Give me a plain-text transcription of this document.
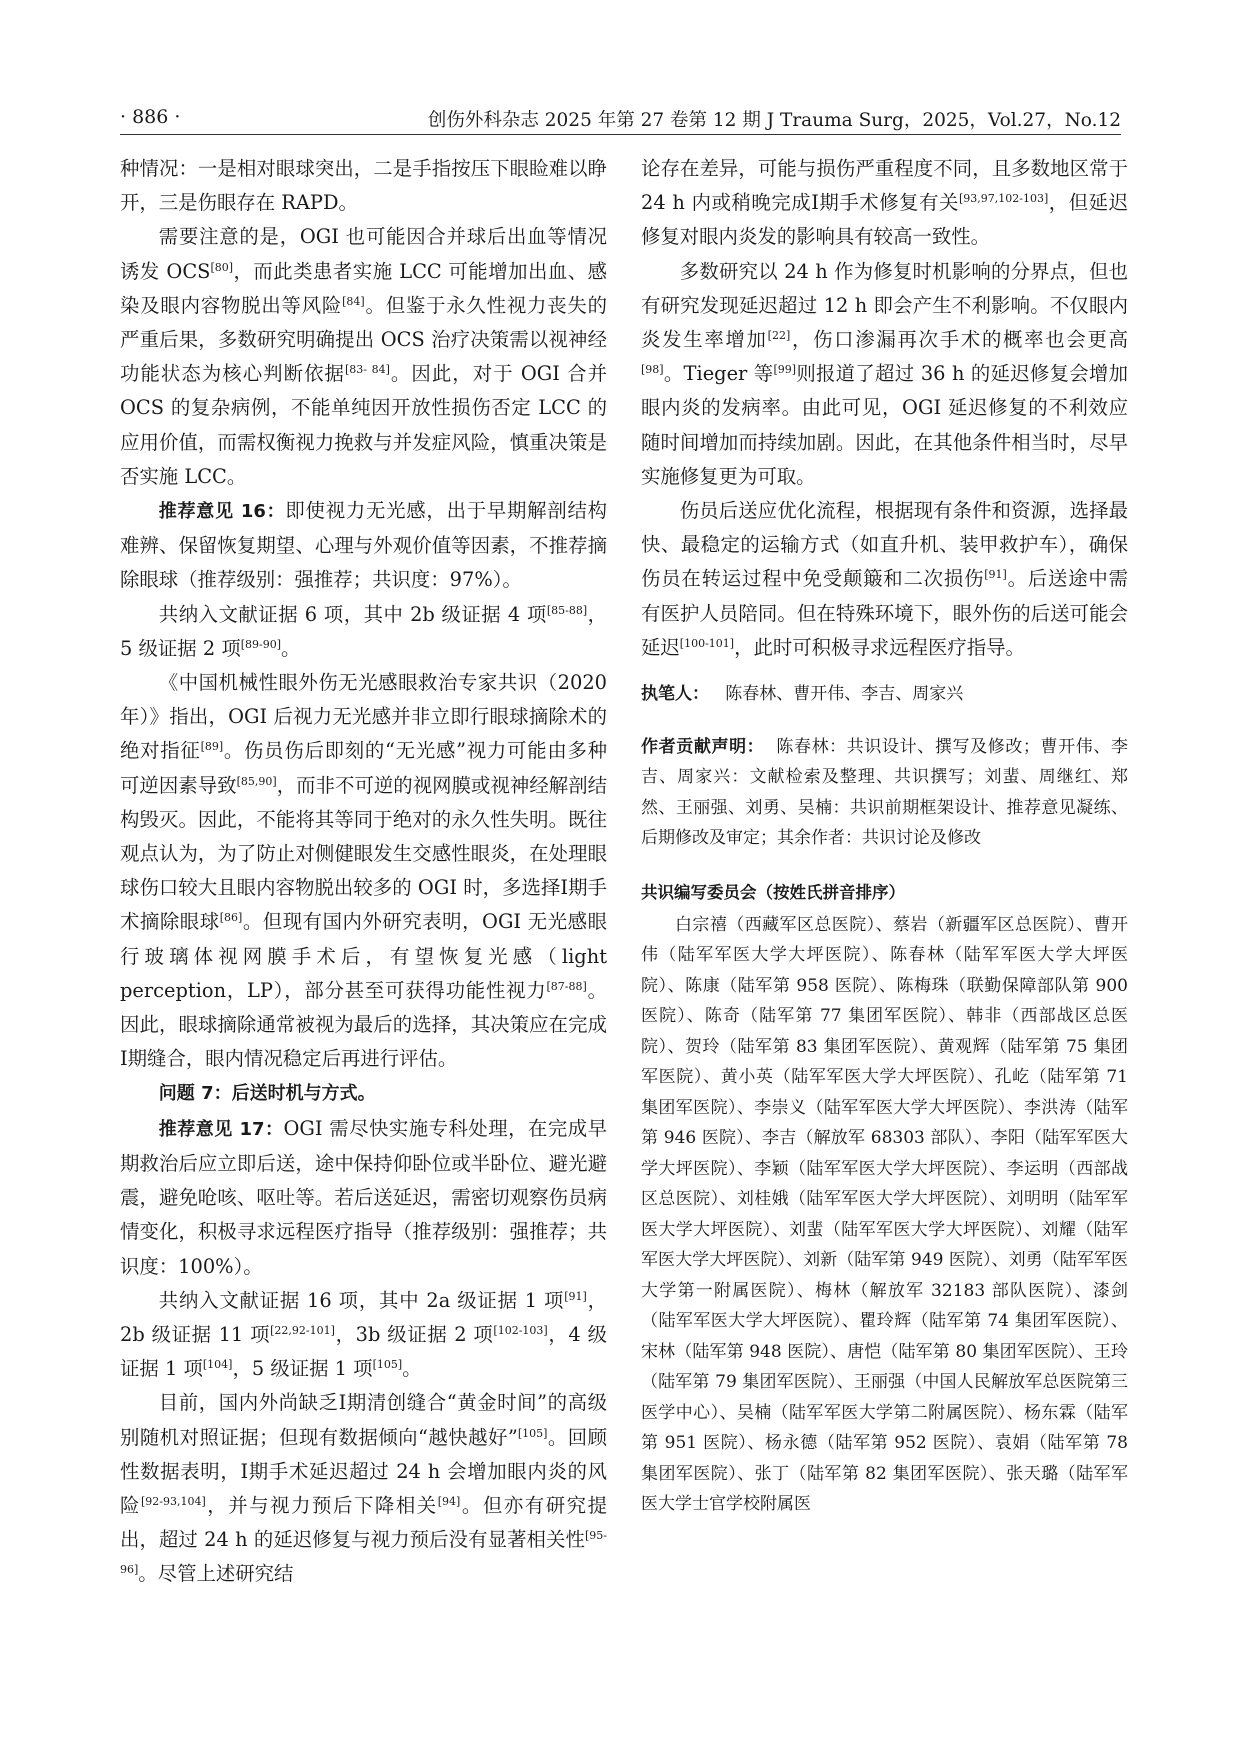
· 886 ·	创伤外科杂志 2025 年第 27 卷第 12 期 J Trauma Surg，2025，Vol.27，No.12

种情况：一是相对眼球突出，二是手指按压下眼睑难以睁开，三是伤眼存在 RAPD。

需要注意的是，OGI 也可能因合并球后出血等情况诱发 OCS[80]，而此类患者实施 LCC 可能增加出血、感染及眼内容物脱出等风险[84]。但鉴于永久性视力丧失的严重后果，多数研究明确提出 OCS 治疗决策需以视神经功能状态为核心判断依据[83- 84]。因此，对于 OGI 合并 OCS 的复杂病例，不能单纯因开放性损伤否定 LCC 的应用价值，而需权衡视力挽救与并发症风险，慎重决策是否实施 LCC。

推荐意见 16：即使视力无光感，出于早期解剖结构难辨、保留恢复期望、心理与外观价值等因素，不推荐摘除眼球（推荐级别：强推荐；共识度：97%）。

共纳入文献证据 6 项，其中 2b 级证据 4 项[85-88]，5 级证据 2 项[89-90]。

《中国机械性眼外伤无光感眼救治专家共识（2020 年）》指出，OGI 后视力无光感并非立即行眼球摘除术的绝对指征[89]。伤员伤后即刻的“无光感”视力可能由多种可逆因素导致[85,90]，而非不可逆的视网膜或视神经解剖结构毁灭。因此，不能将其等同于绝对的永久性失明。既往观点认为，为了防止对侧健眼发生交感性眼炎，在处理眼球伤口较大且眼内容物脱出较多的 OGI 时，多选择Ⅰ期手术摘除眼球[86]。但现有国内外研究表明，OGI 无光感眼行玻璃体视网膜手术后，有望恢复光感（light perception，LP），部分甚至可获得功能性视力[87-88]。因此，眼球摘除通常被视为最后的选择，其决策应在完成Ⅰ期缝合，眼内情况稳定后再进行评估。

问题 7：后送时机与方式。

推荐意见 17：OGI 需尽快实施专科处理，在完成早期救治后应立即后送，途中保持仰卧位或半卧位、避光避震，避免呛咳、呕吐等。若后送延迟，需密切观察伤员病情变化，积极寻求远程医疗指导（推荐级别：强推荐；共识度：100%）。

共纳入文献证据 16 项，其中 2a 级证据 1 项[91]，2b 级证据 11 项[22,92-101]，3b 级证据 2 项[102-103]，4 级证据 1 项[104]，5 级证据 1 项[105]。

目前，国内外尚缺乏Ⅰ期清创缝合“黄金时间”的高级别随机对照证据；但现有数据倾向“越快越好”[105]。回顾性数据表明，Ⅰ期手术延迟超过 24 h 会增加眼内炎的风险[92-93,104]，并与视力预后下降相关[94]。但亦有研究提出，超过 24 h 的延迟修复与视力预后没有显著相关性[95-96]。尽管上述研究结

论存在差异，可能与损伤严重程度不同，且多数地区常于 24 h 内或稍晚完成Ⅰ期手术修复有关[93,97,102-103]，但延迟修复对眼内炎发的影响具有较高一致性。

多数研究以 24 h 作为修复时机影响的分界点，但也有研究发现延迟超过 12 h 即会产生不利影响。不仅眼内炎发生率增加[22]，伤口渗漏再次手术的概率也会更高[98]。Tieger 等[99]则报道了超过 36 h 的延迟修复会增加眼内炎的发病率。由此可见，OGI 延迟修复的不利效应随时间增加而持续加剧。因此，在其他条件相当时，尽早实施修复更为可取。

伤员后送应优化流程，根据现有条件和资源，选择最快、最稳定的运输方式（如直升机、装甲救护车），确保伤员在转运过程中免受颠簸和二次损伤[91]。后送途中需有医护人员陪同。但在特殊环境下，眼外伤的后送可能会延迟[100-101]，此时可积极寻求远程医疗指导。

执笔人： 陈春林、曹开伟、李吉、周家兴

作者贡献声明： 陈春林：共识设计、撰写及修改；曹开伟、李吉、周家兴：文献检索及整理、共识撰写；刘蜚、周继红、郑然、王丽强、刘勇、吴楠：共识前期框架设计、推荐意见凝练、后期修改及审定；其余作者：共识讨论及修改

共识编写委员会（按姓氏拼音排序）

白宗禧（西藏军区总医院）、蔡岩（新疆军区总医院）、曹开伟（陆军军医大学大坪医院）、陈春林（陆军军医大学大坪医院）、陈康（陆军第 958 医院）、陈梅珠（联勤保障部队第 900 医院）、陈奇（陆军第 77 集团军医院）、韩非（西部战区总医院）、贺玲（陆军第 83 集团军医院）、黄观辉（陆军第 75 集团军医院）、黄小英（陆军军医大学大坪医院）、孔屹（陆军第 71 集团军医院）、李崇义（陆军军医大学大坪医院）、李洪涛（陆军第 946 医院）、李吉（解放军 68303 部队）、李阳（陆军军医大学大坪医院）、李颖（陆军军医大学大坪医院）、李运明（西部战区总医院）、刘桂娥（陆军军医大学大坪医院）、刘明明（陆军军医大学大坪医院）、刘蜚（陆军军医大学大坪医院）、刘耀（陆军军医大学大坪医院）、刘新（陆军第 949 医院）、刘勇（陆军军医大学第一附属医院）、梅林（解放军 32183 部队医院）、漆剑（陆军军医大学大坪医院）、瞿玲辉（陆军第 74 集团军医院）、宋林（陆军第 948 医院）、唐恺（陆军第 80 集团军医院）、王玲（陆军第 79 集团军医院）、王丽强（中国人民解放军总医院第三医学中心）、吴楠（陆军军医大学第二附属医院）、杨东霖（陆军第 951 医院）、杨永德（陆军第 952 医院）、袁娟（陆军第 78 集团军医院）、张丁（陆军第 82 集团军医院）、张天璐（陆军军医大学士官学校附属医
